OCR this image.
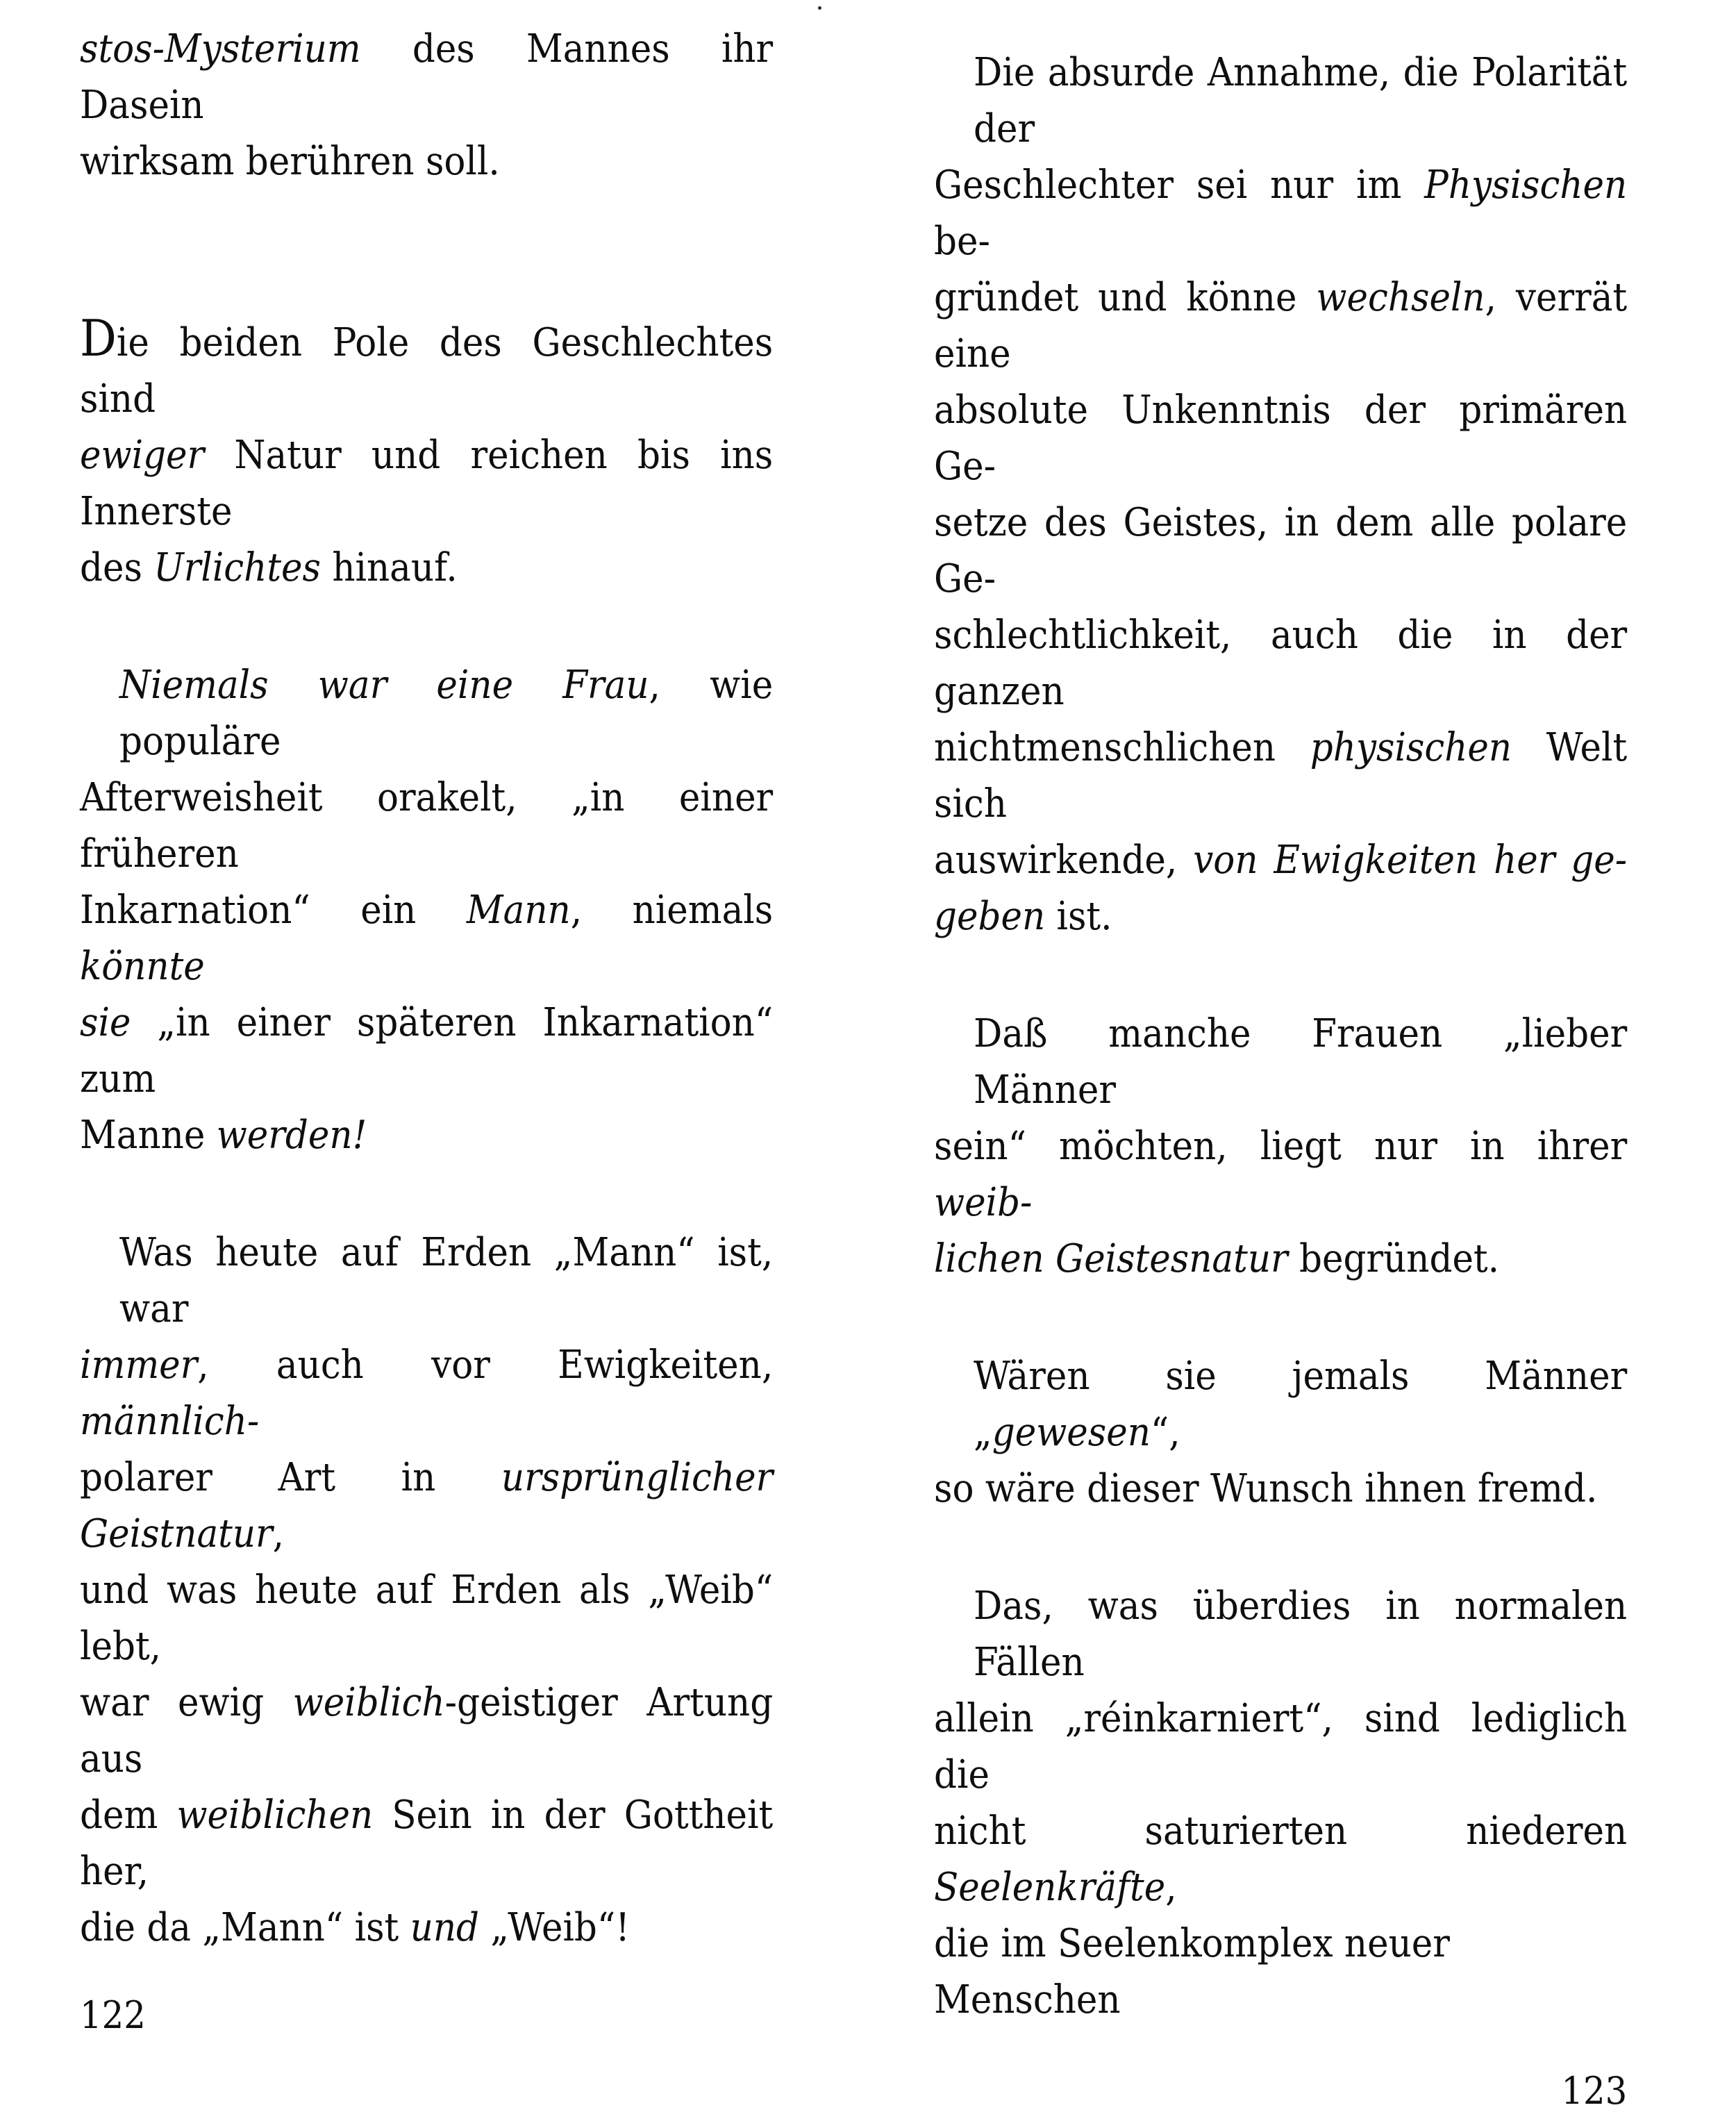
stos-Mysterium des Mannes ihr Dasein
wirksam berühren soll.
Die beiden Pole des Geschlechtes sind
ewiger Natur und reichen bis ins Innerste
des Urlichtes hinauf.
Niemals war eine Frau, wie populäre
Afterweisheit orakelt, „in einer früheren
Inkarnation“ ein Mann, niemals könnte
sie „in einer späteren Inkarnation“ zum
Manne werden!
Was heute auf Erden „Mann“ ist, war
immer, auch vor Ewigkeiten, männlich-
polarer Art in ursprünglicher Geistnatur,
und was heute auf Erden als „Weib“ lebt,
war ewig weiblich-geistiger Artung aus
dem weiblichen Sein in der Gottheit her,
die da „Mann“ ist und „Weib“!
122
Die absurde Annahme, die Polarität der
Geschlechter sei nur im Physischen be-
gründet und könne wechseln, verrät eine
absolute Unkenntnis der primären Ge-
setze des Geistes, in dem alle polare Ge-
schlechtlichkeit, auch die in der ganzen
nichtmenschlichen physischen Welt sich
auswirkende, von Ewigkeiten her ge-
geben ist.
Daß manche Frauen „lieber Männer
sein“ möchten, liegt nur in ihrer weib-
lichen Geistesnatur begründet.
Wären sie jemals Männer „gewesen“,
so wäre dieser Wunsch ihnen fremd.
Das, was überdies in normalen Fällen
allein „réinkarniert“, sind lediglich die
nicht saturierten niederen Seelenkräfte,
die im Seelenkomplex neuer Menschen
123
